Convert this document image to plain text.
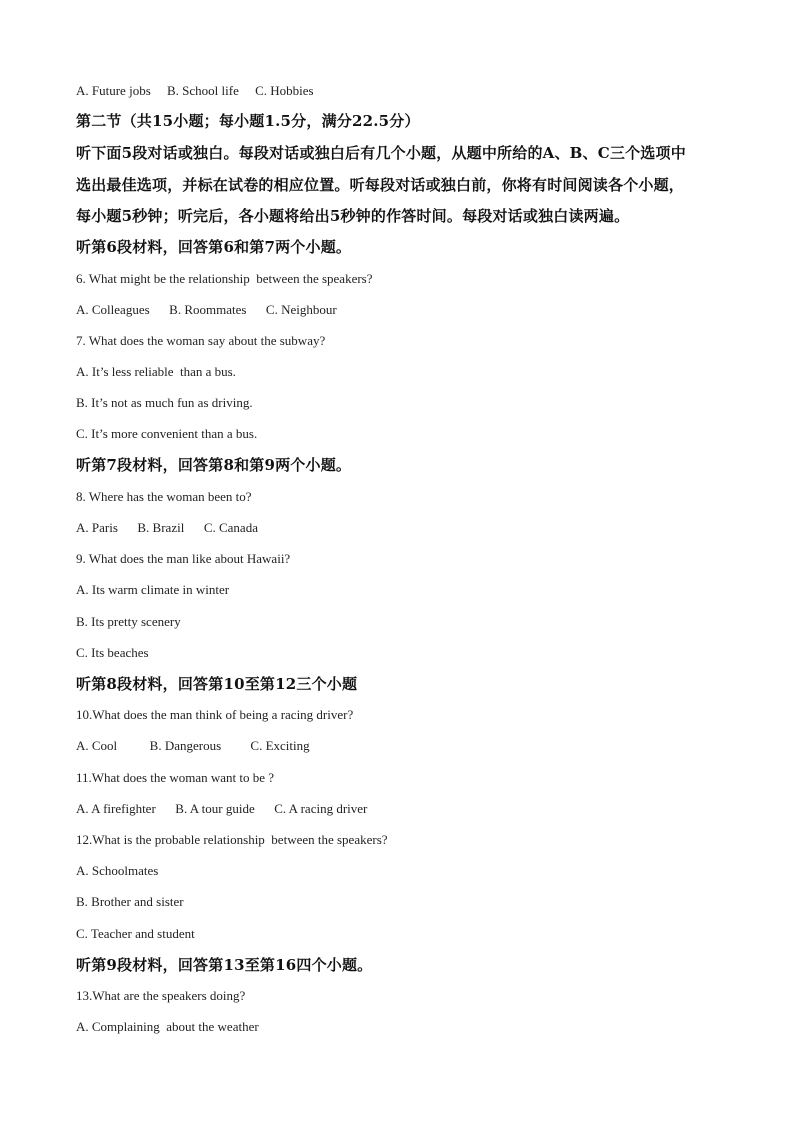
A. Future jobs     B. School life     C. Hobbies
第二节（共15小题；每小题1.5分，满分22.5分）
听下面5段对话或独白。每段对话或独白后有几个小题，从题中所给的A、B、C三个选项中
选出最佳选项，并标在试卷的相应位置。听每段对话或独白前，你将有时间阅读各个小题，
每小题5秒钟；听完后，各小题将给出5秒钟的作答时间。每段对话或独白读两遍。
听第6段材料，回答第6和第7两个小题。
6. What might be the relationship  between the speakers?
A. Colleagues      B. Roommates      C. Neighbour
7. What does the woman say about the subway?
A. It’s less reliable  than a bus.
B. It’s not as much fun as driving.
C. It’s more convenient than a bus.
听第7段材料，回答第8和第9两个小题。
8. Where has the woman been to?
A. Paris      B. Brazil      C. Canada
9. What does the man like about Hawaii?
A. Its warm climate in winter
B. Its pretty scenery
C. Its beaches
听第8段材料，回答第10至第12三个小题
10.What does the man think of being a racing driver?
A. Cool          B. Dangerous         C. Exciting
11.What does the woman want to be ?
A. A firefighter      B. A tour guide      C. A racing driver
12.What is the probable relationship  between the speakers?
A. Schoolmates
B. Brother and sister
C. Teacher and student
听第9段材料，回答第13至第16四个小题。
13.What are the speakers doing?
A. Complaining  about the weather
